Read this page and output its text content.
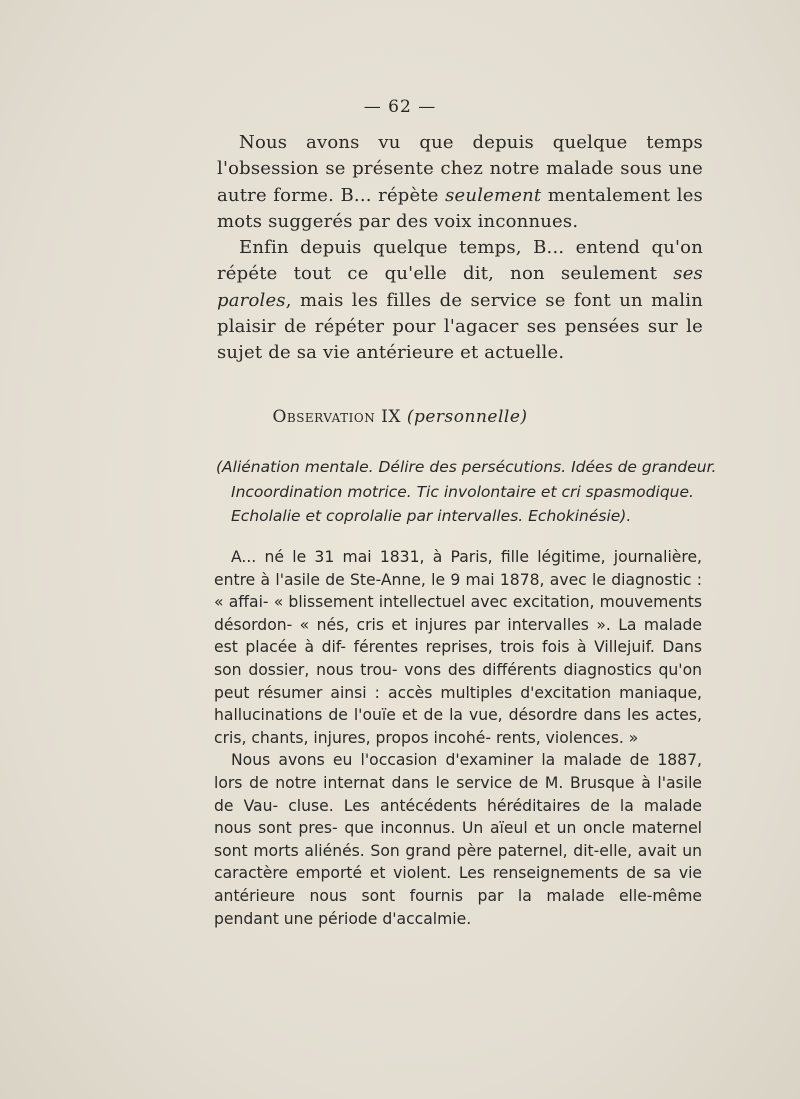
— 62 —

Nous avons vu que depuis quelque temps l'obsession se présente chez notre malade sous une autre forme. B... répète seulement mentalement les mots suggerés par des voix inconnues.

Enfin depuis quelque temps, B... entend qu'on répéte tout ce qu'elle dit, non seulement ses paroles, mais les filles de service se font un malin plaisir de répéter pour l'agacer ses pensées sur le sujet de sa vie antérieure et actuelle.

Observation IX (personnelle)
(Aliénation mentale. Délire des persécutions. Idées de grandeur.
Incoordination motrice. Tic involontaire et cri spasmodique.
Echolalie et coprolalie par intervalles. Echokinésie).

A... né le 31 mai 1831, à Paris, fille légitime, journalière, entre à l'asile de Ste-Anne, le 9 mai 1878, avec le diagnostic : « affai- « blissement intellectuel avec excitation, mouvements désordon- « nés, cris et injures par intervalles ». La malade est placée à dif- férentes reprises, trois fois à Villejuif. Dans son dossier, nous trou- vons des différents diagnostics qu'on peut résumer ainsi : accès multiples d'excitation maniaque, hallucinations de l'ouïe et de la vue, désordre dans les actes, cris, chants, injures, propos incohé- rents, violences. »

Nous avons eu l'occasion d'examiner la malade de 1887, lors de notre internat dans le service de M. Brusque à l'asile de Vau- cluse. Les antécédents héréditaires de la malade nous sont pres- que inconnus. Un aïeul et un oncle maternel sont morts aliénés. Son grand père paternel, dit-elle, avait un caractère emporté et violent. Les renseignements de sa vie antérieure nous sont fournis par la malade elle-même pendant une période d'accalmie.
